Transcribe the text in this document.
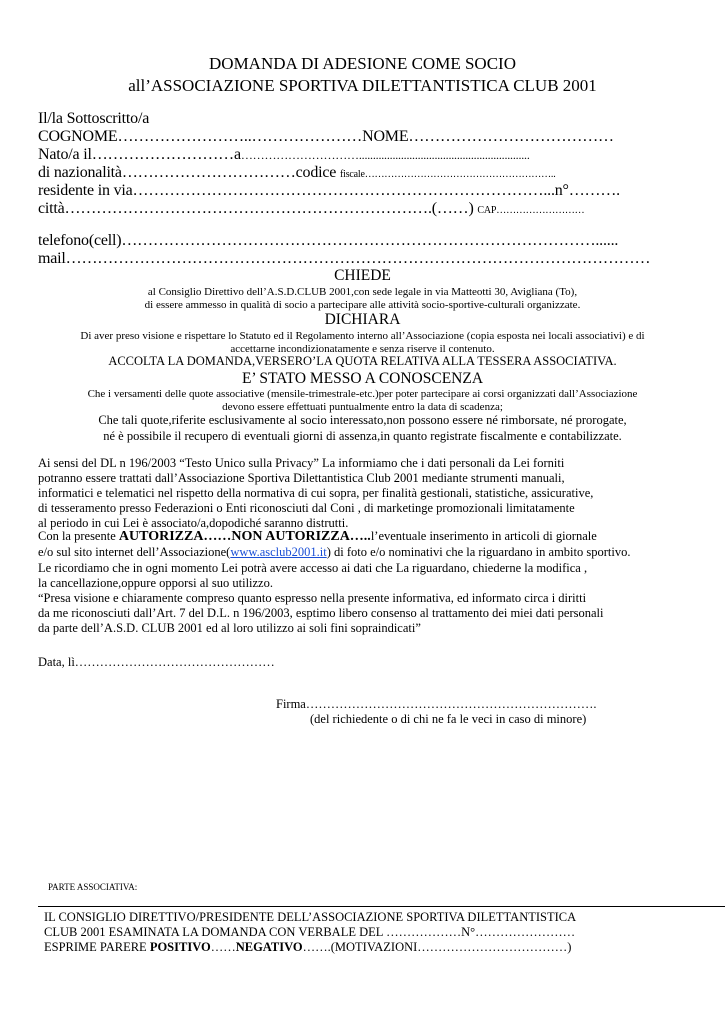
DOMANDA DI ADESIONE COME SOCIO
all’ASSOCIAZIONE SPORTIVA DILETTANTISTICA CLUB 2001
Il/la Sottoscritto/a
COGNOME……………………..…………………NOME…………………………………
Nato/a il………………………a………………………….............................................................
di nazionalità……………………………codice fiscale…………………………………………………..
residente in via……………………………………………………………………...n°……….
città…………………………………………………………….(……) CAP………………………
telefono(cell)………………………………………………………………………………......
mail…………………………………………………………………………………………………
CHIEDE
al Consiglio Direttivo dell’A.S.D.CLUB 2001,con sede legale in via Matteotti 30, Avigliana (To),
di essere ammesso in qualità di socio a partecipare alle attività socio-sportive-culturali organizzate.
DICHIARA
Di aver preso visione e rispettare lo Statuto ed il Regolamento interno all’Associazione (copia esposta nei locali associativi) e di
accettarne incondizionatamente e senza riserve il contenuto.
ACCOLTA LA DOMANDA,VERSERO’LA QUOTA RELATIVA ALLA TESSERA ASSOCIATIVA.
E’ STATO MESSO A CONOSCENZA
Che i versamenti delle quote associative (mensile-trimestrale-etc.)per poter partecipare ai corsi organizzati dall’Associazione
devono essere effettuati puntualmente entro la data di scadenza;
Che tali quote,riferite esclusivamente al socio interessato,non possono essere né rimborsate, né prorogate,
né è possibile il recupero di eventuali giorni di assenza,in quanto registrate fiscalmente e contabilizzate.
Ai sensi del DL n 196/2003 “Testo Unico sulla Privacy” La informiamo che i dati personali da Lei forniti
potranno essere trattati dall’Associazione Sportiva Dilettantistica Club 2001 mediante strumenti manuali,
informatici e telematici nel rispetto della normativa di cui sopra, per finalità gestionali, statistiche, assicurative,
di tesseramento presso Federazioni o Enti riconosciuti dal Coni , di marketinge promozionali limitatamente
al periodo in cui Lei è associato/a,dopodiché saranno distrutti.
Con la presente AUTORIZZA……NON AUTORIZZA…..l’eventuale inserimento in articoli di giornale
e/o sul sito internet dell’Associazione(www.asclub2001.it) di foto e/o nominativi che la riguardano in ambito sportivo.
Le ricordiamo che in ogni momento Lei potrà avere accesso ai dati che La riguardano, chiederne la modifica ,
la cancellazione,oppure opporsi al suo utilizzo.
“Presa visione e chiaramente compreso quanto espresso nella presente informativa, ed informato circa i diritti
da me riconosciuti dall’Art. 7 del D.L. n 196/2003, esptimo libero consenso al trattamento dei miei dati personali
da parte dell’A.S.D. CLUB 2001 ed al loro utilizzo ai soli fini sopraindicati”
Data, lì…………………………………………
Firma…………………………………………………………….
(del richiedente o di chi ne fa le veci in caso di minore)
PARTE ASSOCIATIVA:
IL CONSIGLIO DIRETTIVO/PRESIDENTE DELL’ASSOCIAZIONE SPORTIVA DILETTANTISTICA
CLUB 2001 ESAMINATA LA DOMANDA CON VERBALE DEL ………………N°……………………
ESPRIME PARERE POSITIVO……NEGATIVO…….(MOTIVAZIONI………………………………)
